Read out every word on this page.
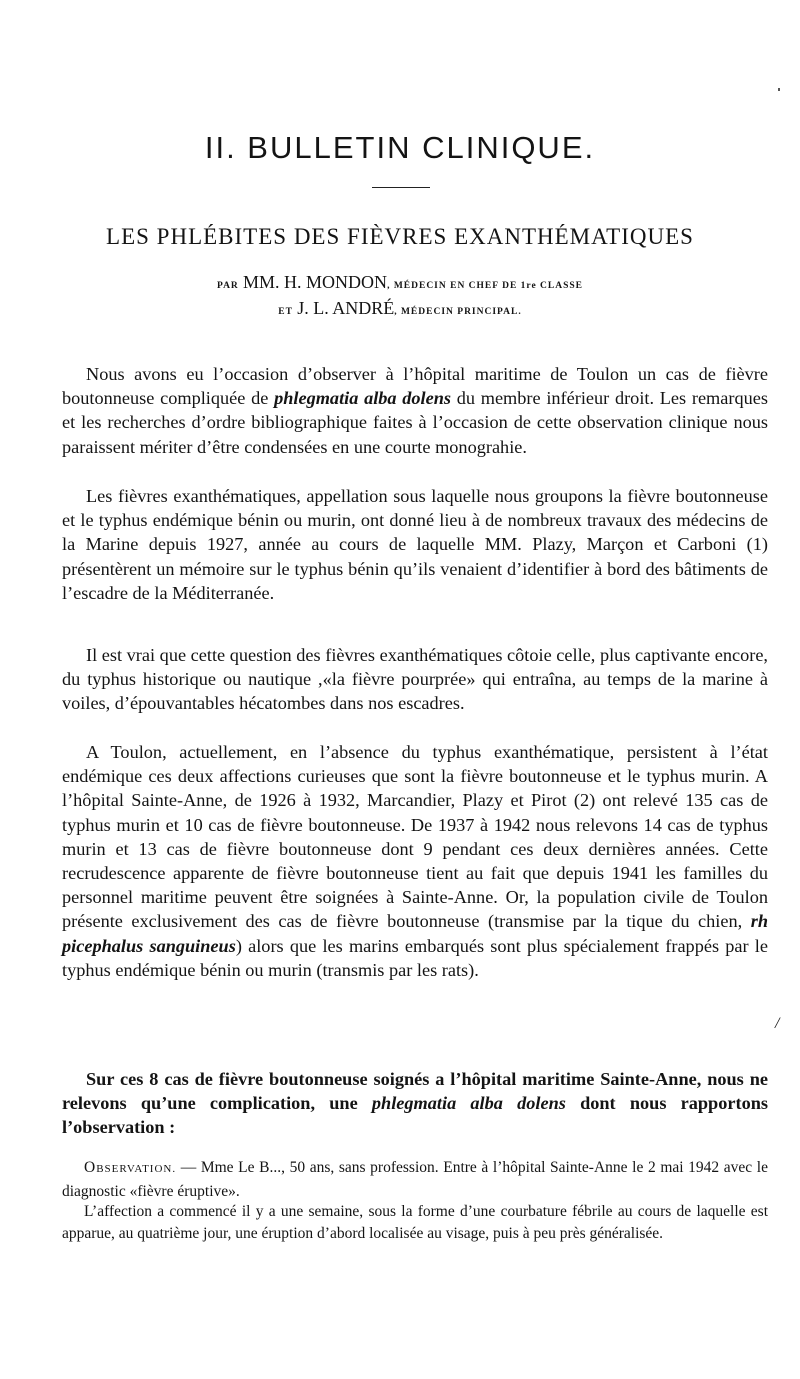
II. BULLETIN CLINIQUE.
LES PHLÉBITES DES FIÈVRES EXANTHÉMATIQUES

PAR MM. H. MONDON, MÉDECIN EN CHEF DE 1re CLASSE

ET J. L. ANDRÉ, MÉDECIN PRINCIPAL.

Nous avons eu l’occasion d’observer à l’hôpital maritime de Toulon un cas de fièvre boutonneuse compliquée de phlegmatia alba dolens du membre inférieur droit. Les remarques et les recherches d’ordre bibliographique faites à l’occasion de cette observation clinique nous paraissent mériter d’être condensées en une courte monograhie.

Les fièvres exanthématiques, appellation sous laquelle nous groupons la fièvre boutonneuse et le typhus endémique bénin ou murin, ont donné lieu à de nombreux travaux des médecins de la Marine depuis 1927, année au cours de laquelle MM. Plazy, Marçon et Carboni (1) présentèrent un mémoire sur le typhus bénin qu’ils venaient d’identifier à bord des bâtiments de l’escadre de la Méditerranée.

Il est vrai que cette question des fièvres exanthématiques côtoie celle, plus captivante encore, du typhus historique ou nautique ,«la fièvre pourprée» qui entraîna, au temps de la marine à voiles, d’épouvantables hécatombes dans nos escadres.

A Toulon, actuellement, en l’absence du typhus exanthématique, persistent à l’état endémique ces deux affections curieuses que sont la fièvre boutonneuse et le typhus murin. A l’hôpital Sainte-Anne, de 1926 à 1932, Marcandier, Plazy et Pirot (2) ont relevé 135 cas de typhus murin et 10 cas de fièvre boutonneuse. De 1937 à 1942 nous relevons 14 cas de typhus murin et 13 cas de fièvre boutonneuse dont 9 pendant ces deux dernières années. Cette recrudescence apparente de fièvre boutonneuse tient au fait que depuis 1941 les familles du personnel maritime peuvent être soignées à Sainte-Anne. Or, la population civile de Toulon présente exclusivement des cas de fièvre boutonneuse (transmise par la tique du chien, rh picephalus sanguineus) alors que les marins embarqués sont plus spécialement frappés par le typhus endémique bénin ou murin (transmis par les rats).

Sur ces 8 cas de fièvre boutonneuse soignés a l’hôpital maritime Sainte-Anne, nous ne relevons qu’une complication, une phlegmatia alba dolens dont nous rapportons l’observation :

OBSERVATION. — Mme Le B..., 50 ans, sans profession. Entre à l’hôpital Sainte-Anne le 2 mai 1942 avec le diagnostic «fièvre éruptive».

L’affection a commencé il y a une semaine, sous la forme d’une courbature fébrile au cours de laquelle est apparue, au quatrième jour, une éruption d’abord localisée au visage, puis à peu près généralisée.

/
